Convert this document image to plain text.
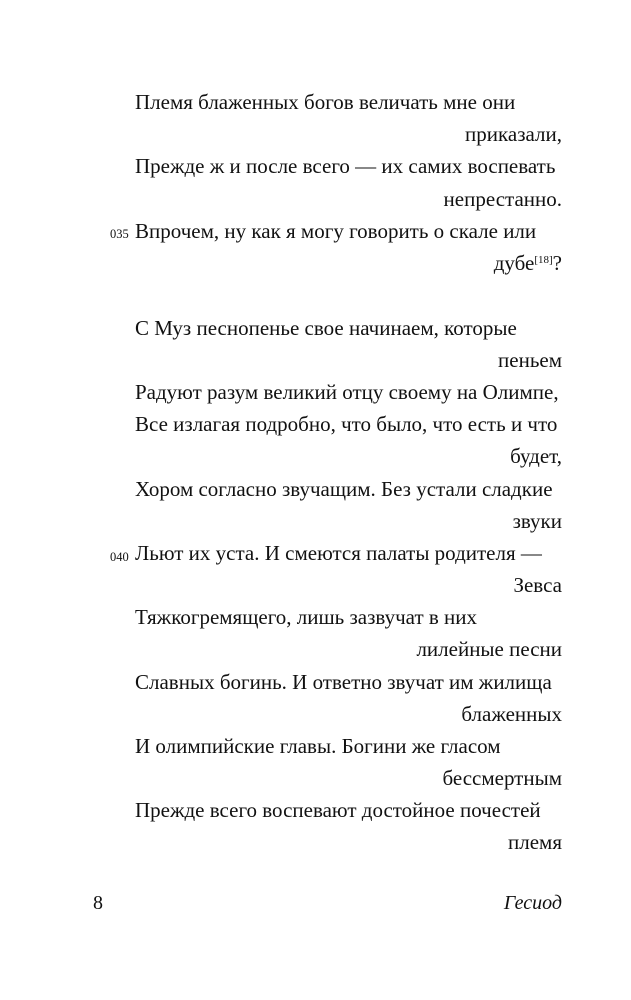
Племя блаженных богов величать мне они
приказали,
Прежде ж и после всего — их самих воспевать
непрестанно.
035 Впрочем, ну как я могу говорить о скале или
дубе[18]?
С Муз песнопенье свое начинаем, которые
пеньем
Радуют разум великий отцу своему на Олимпе,
Все излагая подробно, что было, что есть и что
будет,
Хором согласно звучащим. Без устали сладкие
звуки
040 Льют их уста. И смеются палаты родителя —
Зевса
Тяжкогремящего, лишь зазвучат в них
лилейные песни
Славных богинь. И ответно звучат им жилища
блаженных
И олимпийские главы. Богини же гласом
бессмертным
Прежде всего воспевают достойное почестей
племя
8	Гесиод
